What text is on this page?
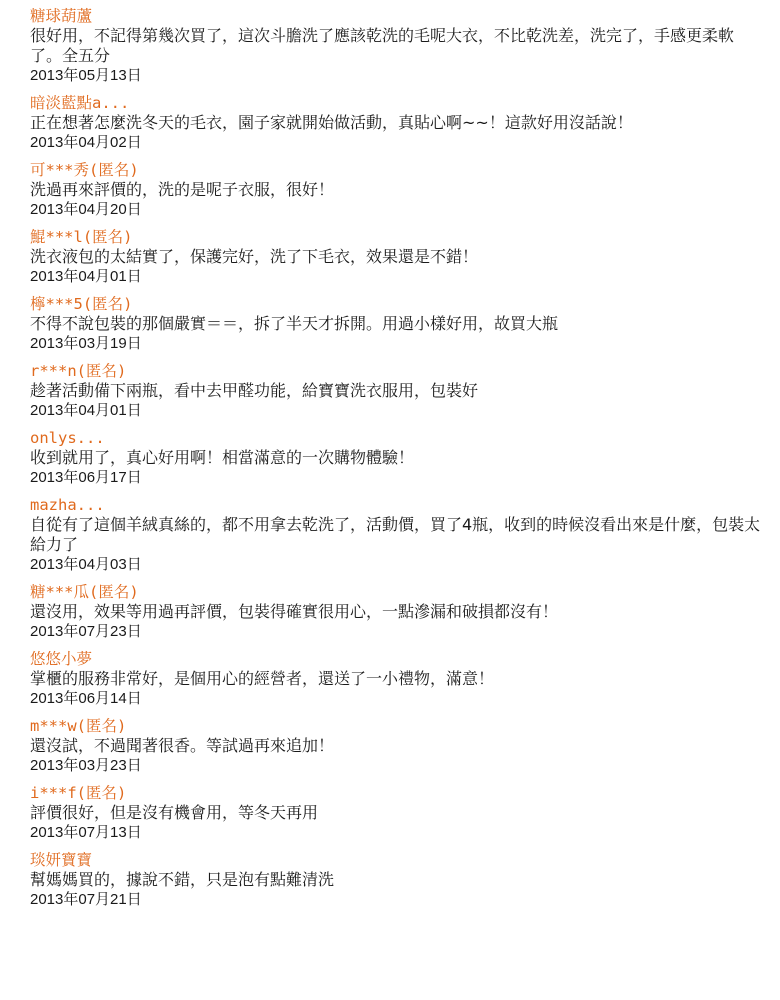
糖球葫蘆
很好用，不記得第幾次買了，這次斗膽洗了應該乾洗的毛呢大衣，不比乾洗差，洗完了，手感更柔軟了。全五分
2013年05月13日
暗淡藍點a...
正在想著怎麼洗冬天的毛衣，園子家就開始做活動，真貼心啊~~！這款好用沒話說！
2013年04月02日
可***秀(匿名)
洗過再來評價的，洗的是呢子衣服，很好！
2013年04月20日
鯤***l(匿名)
洗衣液包的太結實了，保護完好，洗了下毛衣，效果還是不錯！
2013年04月01日
檸***5(匿名)
不得不說包裝的那個嚴實＝＝，拆了半天才拆開。用過小樣好用，故買大瓶
2013年03月19日
r***n(匿名)
趁著活動備下兩瓶，看中去甲醛功能，給寶寶洗衣服用，包裝好
2013年04月01日
onlys...
收到就用了，真心好用啊！相當滿意的一次購物體驗！
2013年06月17日
mazha...
自從有了這個羊絨真絲的，都不用拿去乾洗了，活動價，買了4瓶，收到的時候沒看出來是什麼，包裝太給力了
2013年04月03日
糖***瓜(匿名)
還沒用，效果等用過再評價，包裝得確實很用心，一點滲漏和破損都沒有！
2013年07月23日
悠悠小夢
掌櫃的服務非常好，是個用心的經營者，還送了一小禮物，滿意！
2013年06月14日
m***w(匿名)
還沒試，不過聞著很香。等試過再來追加！
2013年03月23日
i***f(匿名)
評價很好，但是沒有機會用，等冬天再用
2013年07月13日
琰妍寶寶
幫媽媽買的，據說不錯，只是泡有點難清洗
2013年07月21日
